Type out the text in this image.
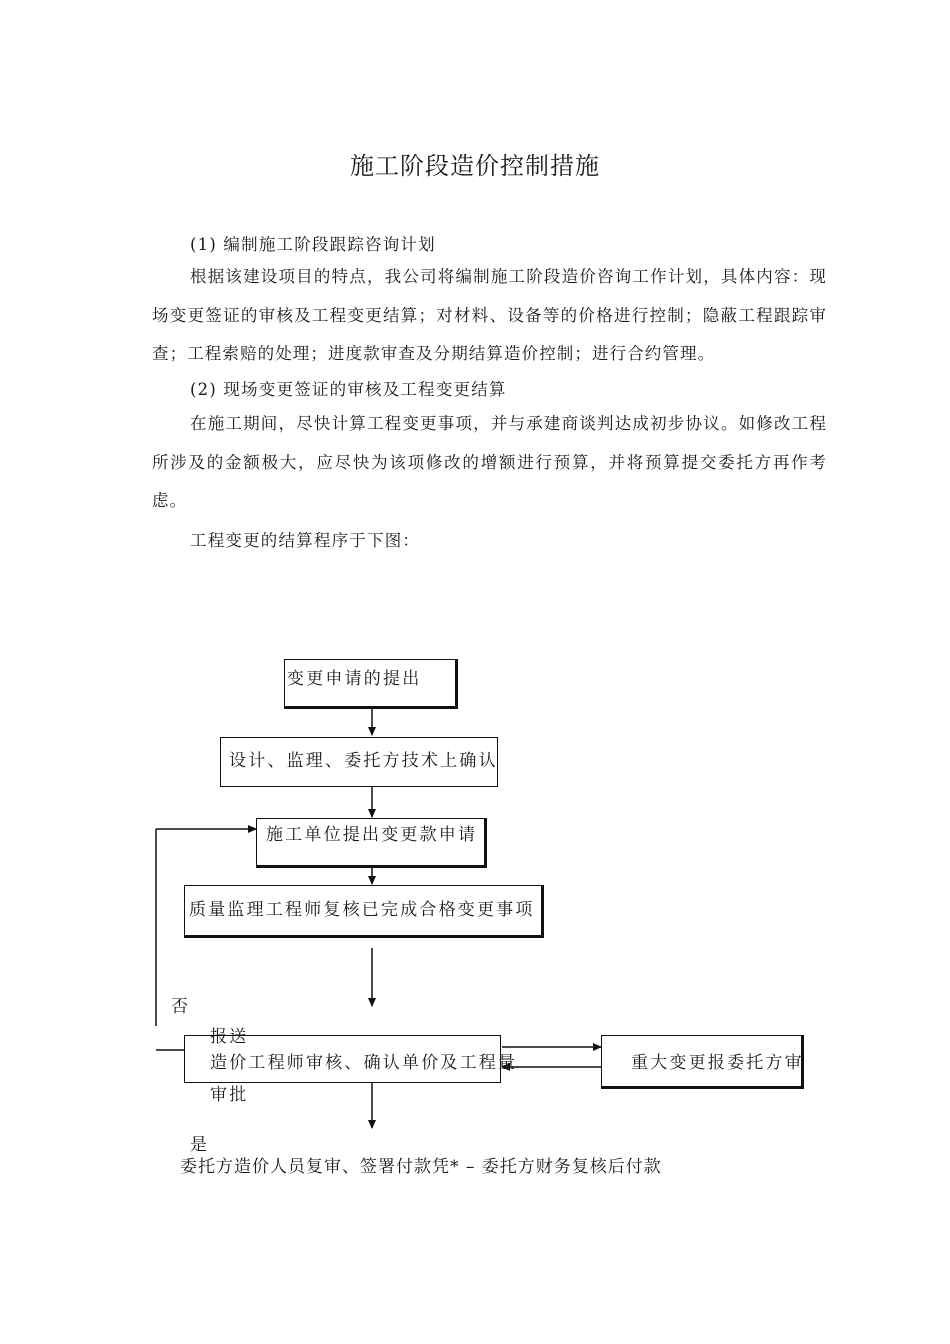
施工阶段造价控制措施
(1) 编制施工阶段跟踪咨询计划
根据该建设项目的特点，我公司将编制施工阶段造价咨询工作计划，具体内容：现场变更签证的审核及工程变更结算；对材料、设备等的价格进行控制；隐蔽工程跟踪审查；工程索赔的处理；进度款审查及分期结算造价控制；进行合约管理。
(2) 现场变更签证的审核及工程变更结算
在施工期间，尽快计算工程变更事项，并与承建商谈判达成初步协议。如修改工程所涉及的金额极大，应尽快为该项修改的增额进行预算，并将预算提交委托方再作考虑。
工程变更的结算程序于下图：
变更申请的提出
设计、监理、委托方技术上确认
施工单位提出变更款申请
质量监理工程师复核已完成合格变更事项
报送
造价工程师审核、确认单价及工程量
审批
重大变更报委托方审
否
是
委托方造价人员复审、签署付款凭* – 委托方财务复核后付款
